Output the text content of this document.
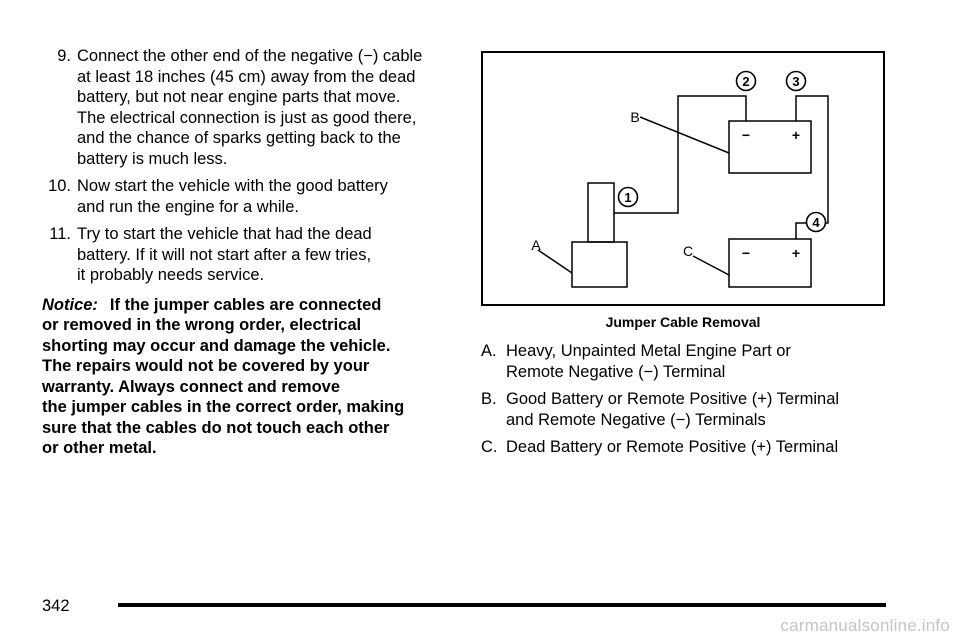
9. Connect the other end of the negative (−) cable
at least 18 inches (45 cm) away from the dead
battery, but not near engine parts that move.
The electrical connection is just as good there,
and the chance of sparks getting back to the
battery is much less.
10. Now start the vehicle with the good battery
and run the engine for a while.
11. Try to start the vehicle that had the dead
battery. If it will not start after a few tries,
it probably needs service.
Notice: If the jumper cables are connected
or removed in the wrong order, electrical
shorting may occur and damage the vehicle.
The repairs would not be covered by your
warranty. Always connect and remove
the jumper cables in the correct order, making
sure that the cables do not touch each other
or other metal.
2	3
1
4
−	+
−	+
B
A	C
Jumper Cable Removal
A. Heavy, Unpainted Metal Engine Part or
Remote Negative (−) Terminal
B. Good Battery or Remote Positive (+) Terminal
and Remote Negative (−) Terminals
C. Dead Battery or Remote Positive (+) Terminal
342
carmanualsonline.info
